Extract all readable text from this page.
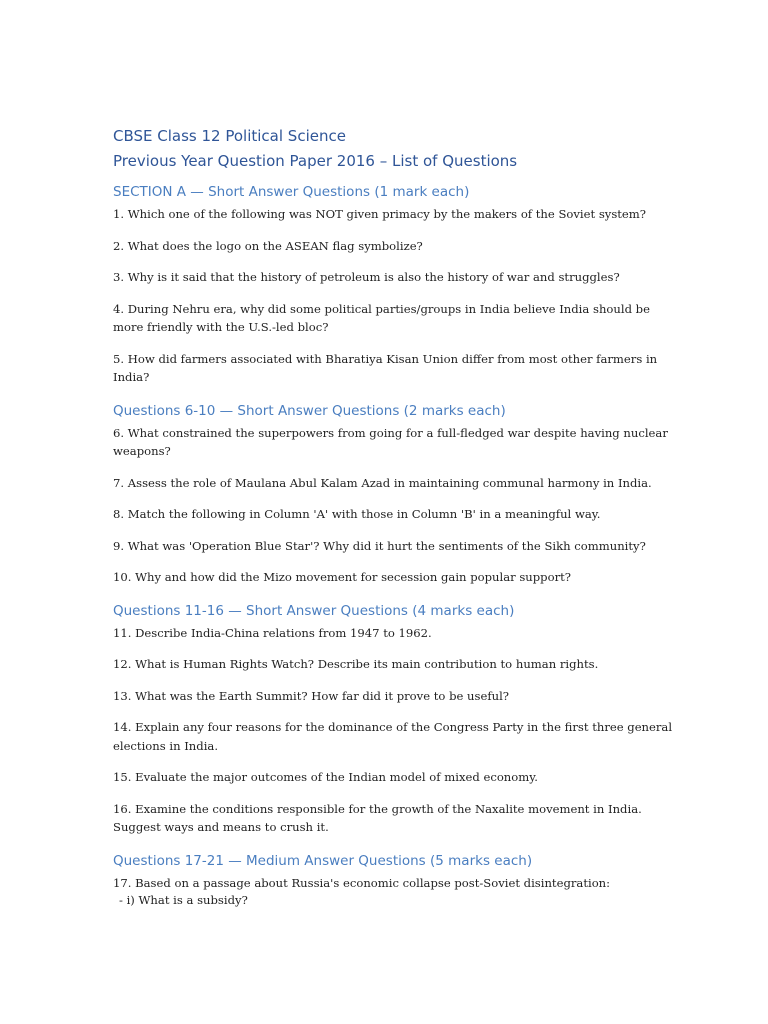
CBSE Class 12 Political Science
Previous Year Question Paper 2016 – List of Questions
SECTION A — Short Answer Questions (1 mark each)

1. Which one of the following was NOT given primacy by the makers of the Soviet system?

2. What does the logo on the ASEAN flag symbolize?

3. Why is it said that the history of petroleum is also the history of war and struggles?

4. During Nehru era, why did some political parties/groups in India believe India should be more friendly with the U.S.-led bloc?

5. How did farmers associated with Bharatiya Kisan Union differ from most other farmers in India?

Questions 6-10 — Short Answer Questions (2 marks each)

6. What constrained the superpowers from going for a full-fledged war despite having nuclear weapons?

7. Assess the role of Maulana Abul Kalam Azad in maintaining communal harmony in India.

8. Match the following in Column 'A' with those in Column 'B' in a meaningful way.

9. What was 'Operation Blue Star'? Why did it hurt the sentiments of the Sikh community?

10. Why and how did the Mizo movement for secession gain popular support?

Questions 11-16 — Short Answer Questions (4 marks each)

11. Describe India-China relations from 1947 to 1962.

12. What is Human Rights Watch? Describe its main contribution to human rights.

13. What was the Earth Summit? How far did it prove to be useful?

14. Explain any four reasons for the dominance of the Congress Party in the first three general elections in India.

15. Evaluate the major outcomes of the Indian model of mixed economy.

16. Examine the conditions responsible for the growth of the Naxalite movement in India. Suggest ways and means to crush it.

Questions 17-21 — Medium Answer Questions (5 marks each)

17. Based on a passage about Russia's economic collapse post-Soviet disintegration:

- i) What is a subsidy?
